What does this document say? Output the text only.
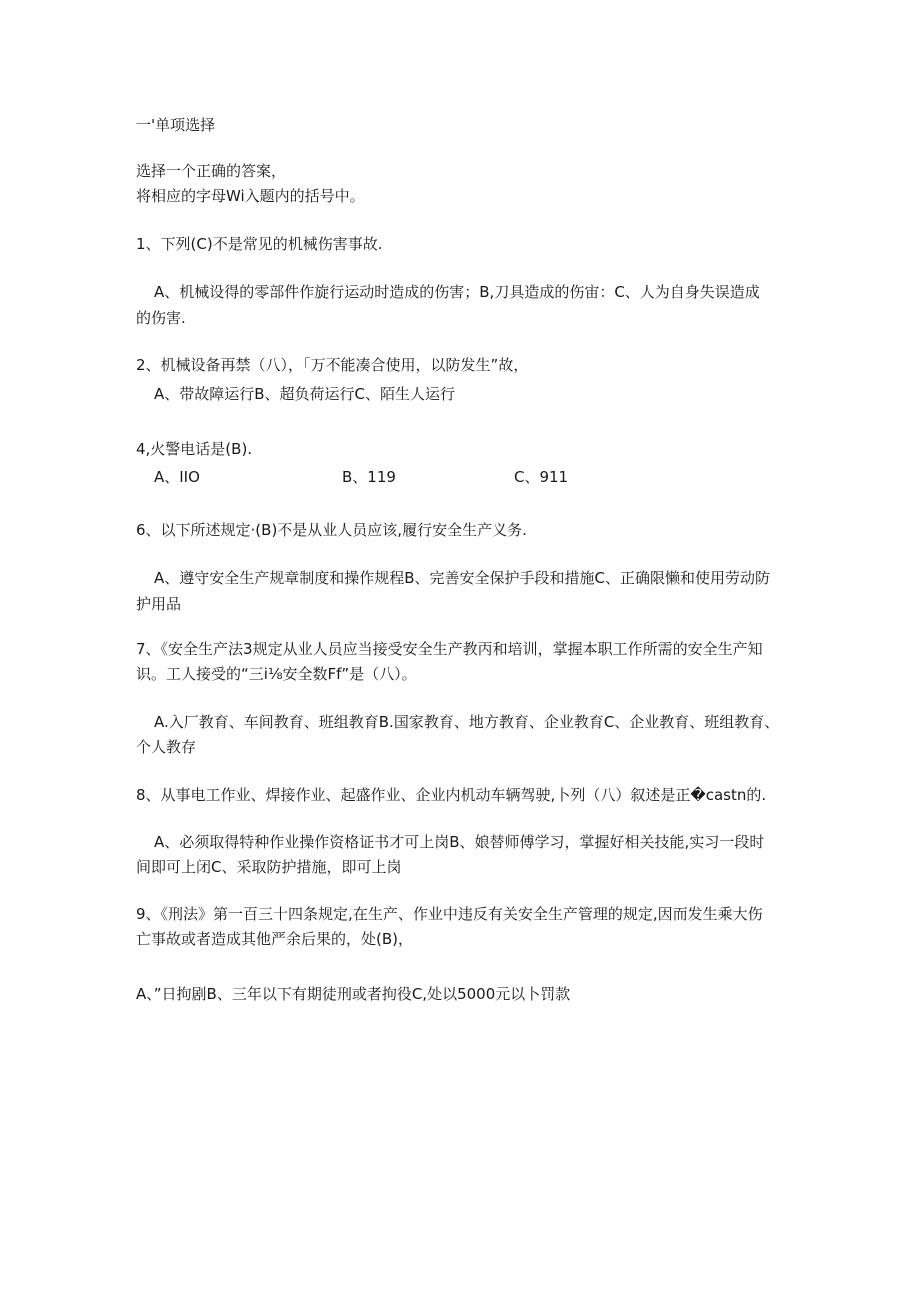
一'单项选择
选择一个正确的答案，
将相应的字母Wi入题内的括号中。
1、下列(C)不是常见的机械伤害事故.
A、机械设得的零部件作旋行运动时造成的伤害；B,刀具造成的伤宙：C、人为自身失误造成
的伤害.
2、机械设备再禁（八），「万不能凑合使用，以防发生”故，
A、带故障运行B、超负荷运行C、陌生人运行
4,火警电话是(B).
A、IIO	B、119	C、911
6、以下所述规定·(B)不是从业人员应该,履行安全生产义务.
A、遵守安全生产规章制度和操作规程B、完善安全保护手段和措施C、正确限懒和使用劳动防
护用品
7、《安全生产法3规定从业人员应当接受安全生产教丙和培训，掌握本职工作所需的安全生产知
识。工人接受的“三i⅛安全数Ff”是（八）。
A.入厂教育、车间教育、班组教育B.国家教育、地方教育、企业教育C、企业教育、班组教育、
个人教存
8、从事电工作业、焊接作业、起盛作业、企业内机动车辆驾驶,卜列（八）叙述是正�castn的.
A、必须取得特种作业操作资格证书才可上岗B、娘替师傅学习，掌握好相关技能,实习一段时
间即可上闭C、采取防护措施，即可上岗
9、《刑法》第一百三十四条规定,在生产、作业中违反有关安全生产管理的规定,因而发生乘大伤
亡事故或者造成其他严余后果的，处(B)，
A、”日拘剧B、三年以下有期徒刑或者拘役C,处以5000元以卜罚款
